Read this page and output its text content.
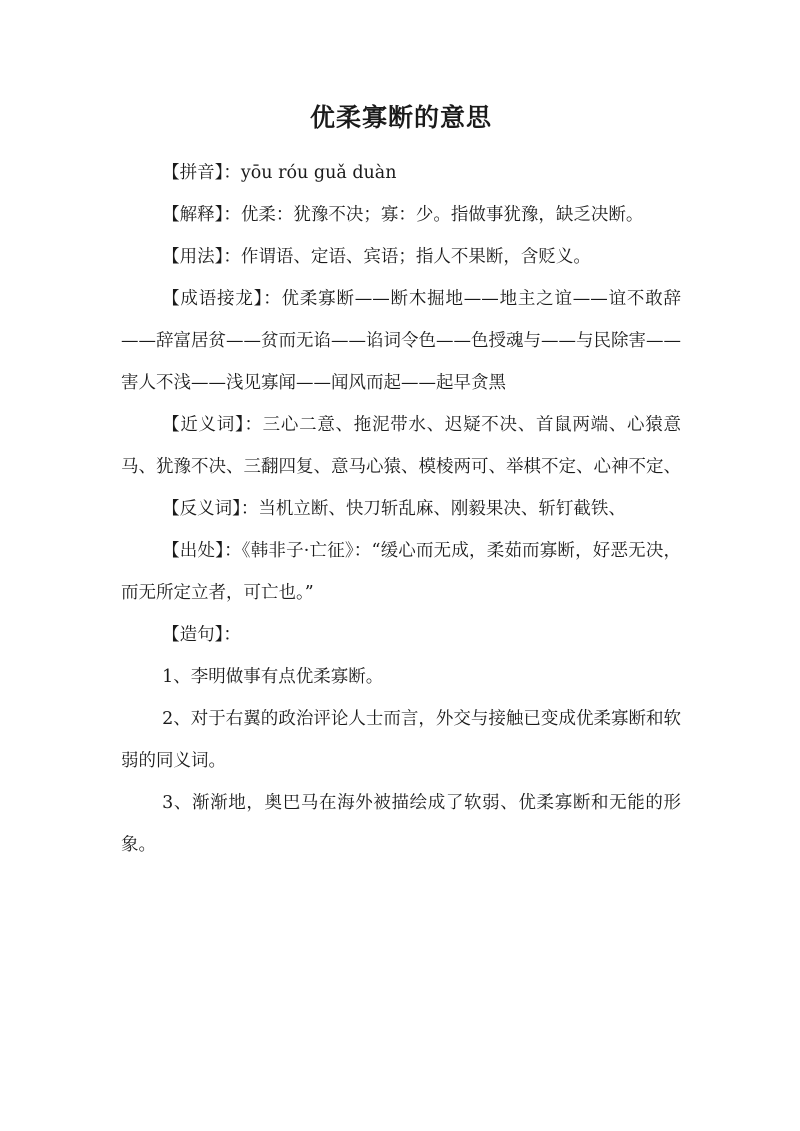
优柔寡断的意思

【拼音】：yōu róu guǎ duàn

【解释】：优柔：犹豫不决；寡：少。指做事犹豫，缺乏决断。

【用法】：作谓语、定语、宾语；指人不果断，含贬义。

【成语接龙】：优柔寡断——断木掘地——地主之谊——谊不敢辞——辞富居贫——贫而无谄——谄词令色——色授魂与——与民除害——害人不浅——浅见寡闻——闻风而起——起早贪黑

【近义词】：三心二意、拖泥带水、迟疑不决、首鼠两端、心猿意马、犹豫不决、三翻四复、意马心猿、模棱两可、举棋不定、心神不定、

【反义词】：当机立断、快刀斩乱麻、刚毅果决、斩钉截铁、

【出处】：《韩非子·亡征》：“缓心而无成，柔茹而寡断，好恶无决，而无所定立者，可亡也。”

【造句】：

1、李明做事有点优柔寡断。

2、对于右翼的政治评论人士而言，外交与接触已变成优柔寡断和软弱的同义词。

3、渐渐地，奥巴马在海外被描绘成了软弱、优柔寡断和无能的形象。
